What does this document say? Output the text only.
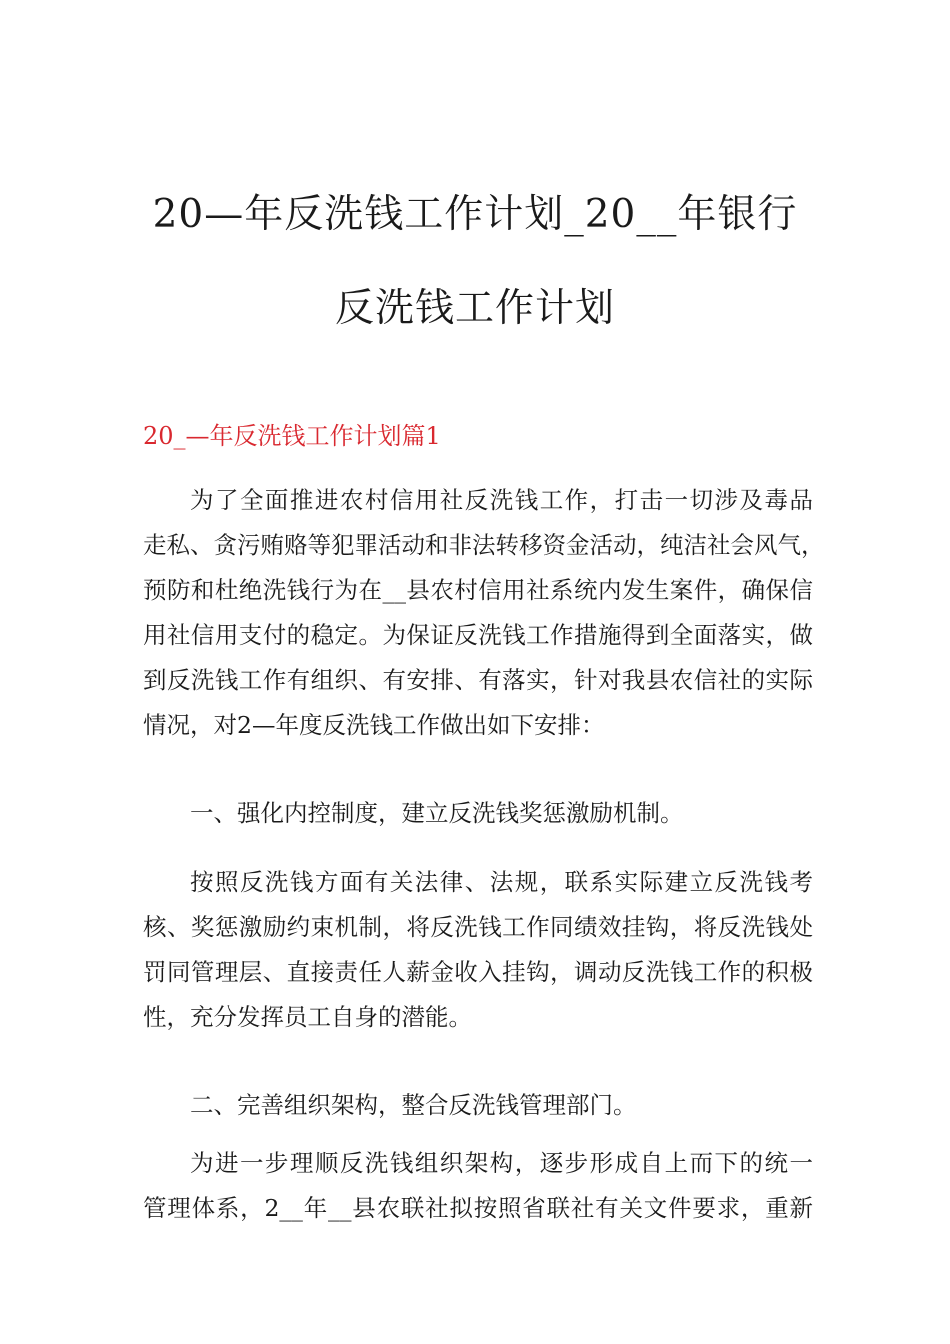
20—年反洗钱工作计划_20__年银行
反洗钱工作计划
20_—年反洗钱工作计划篇1
为了全面推进农村信用社反洗钱工作，打击一切涉及毒品
走私、贪污贿赂等犯罪活动和非法转移资金活动，纯洁社会风气，
预防和杜绝洗钱行为在__县农村信用社系统内发生案件，确保信
用社信用支付的稳定。为保证反洗钱工作措施得到全面落实，做
到反洗钱工作有组织、有安排、有落实，针对我县农信社的实际
情况，对2—年度反洗钱工作做出如下安排：
一、强化内控制度，建立反洗钱奖惩激励机制。
按照反洗钱方面有关法律、法规，联系实际建立反洗钱考
核、奖惩激励约束机制，将反洗钱工作同绩效挂钩，将反洗钱处
罚同管理层、直接责任人薪金收入挂钩，调动反洗钱工作的积极
性，充分发挥员工自身的潜能。
二、完善组织架构，整合反洗钱管理部门。
为进一步理顺反洗钱组织架构，逐步形成自上而下的统一
管理体系，2__年__县农联社拟按照省联社有关文件要求，重新
